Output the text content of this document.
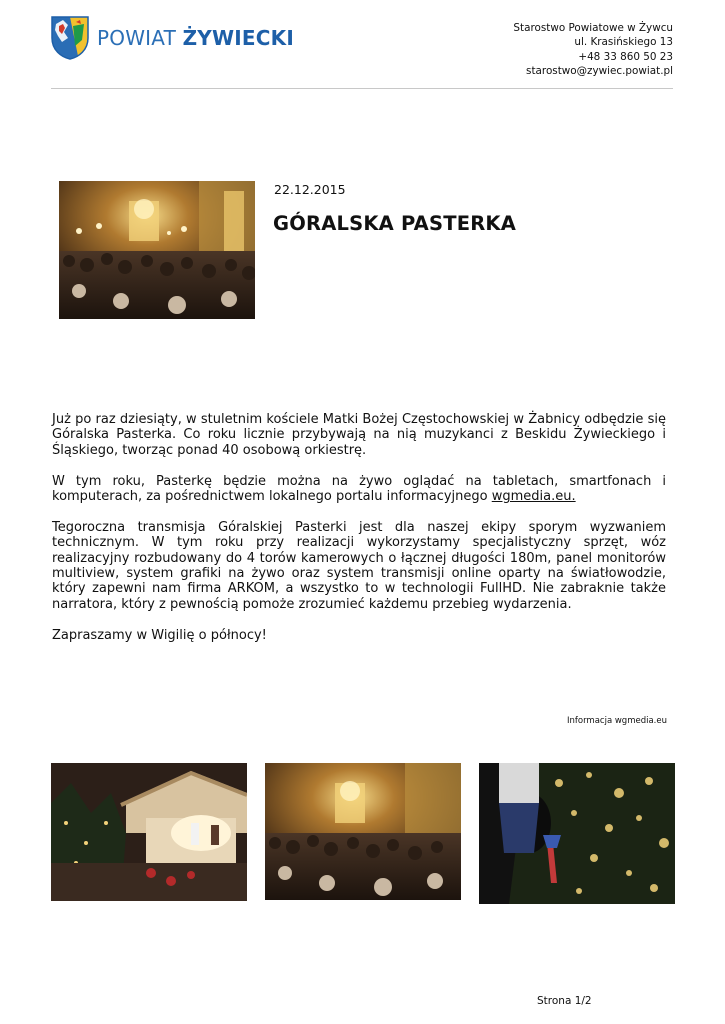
POWIAT ŻYWIECKI	Starostwo Powiatowe w Żywcu
ul. Krasińskiego 13
+48 33 860 50 23
starostwo@zywiec.powiat.pl
22.12.2015
GÓRALSKA PASTERKA

Już po raz dziesiąty, w stuletnim kościele Matki Bożej Częstochowskiej w Żabnicy odbędzie się Góralska Pasterka. Co roku licznie przybywają na nią muzykanci z Beskidu Żywieckiego i Śląskiego, tworząc ponad 40 osobową orkiestrę.

W tym roku, Pasterkę będzie można na żywo oglądać na tabletach, smartfonach i komputerach, za pośrednictwem lokalnego portalu informacyjnego wgmedia.eu.

Tegoroczna transmisja Góralskiej Pasterki jest dla naszej ekipy sporym wyzwaniem technicznym. W tym roku przy realizacji wykorzystamy specjalistyczny sprzęt, wóz realizacyjny rozbudowany do 4 torów kamerowych o łącznej długości 180m, panel monitorów multiview, system grafiki na żywo oraz system transmisji online oparty na światłowodzie, który zapewni nam firma ARKOM, a wszystko to w technologii FullHD. Nie zabraknie także narratora, który z pewnością pomoże zrozumieć każdemu przebieg wydarzenia.

Zapraszamy w Wigilię o północy!

Informacja wgmedia.eu
Strona 1/2
